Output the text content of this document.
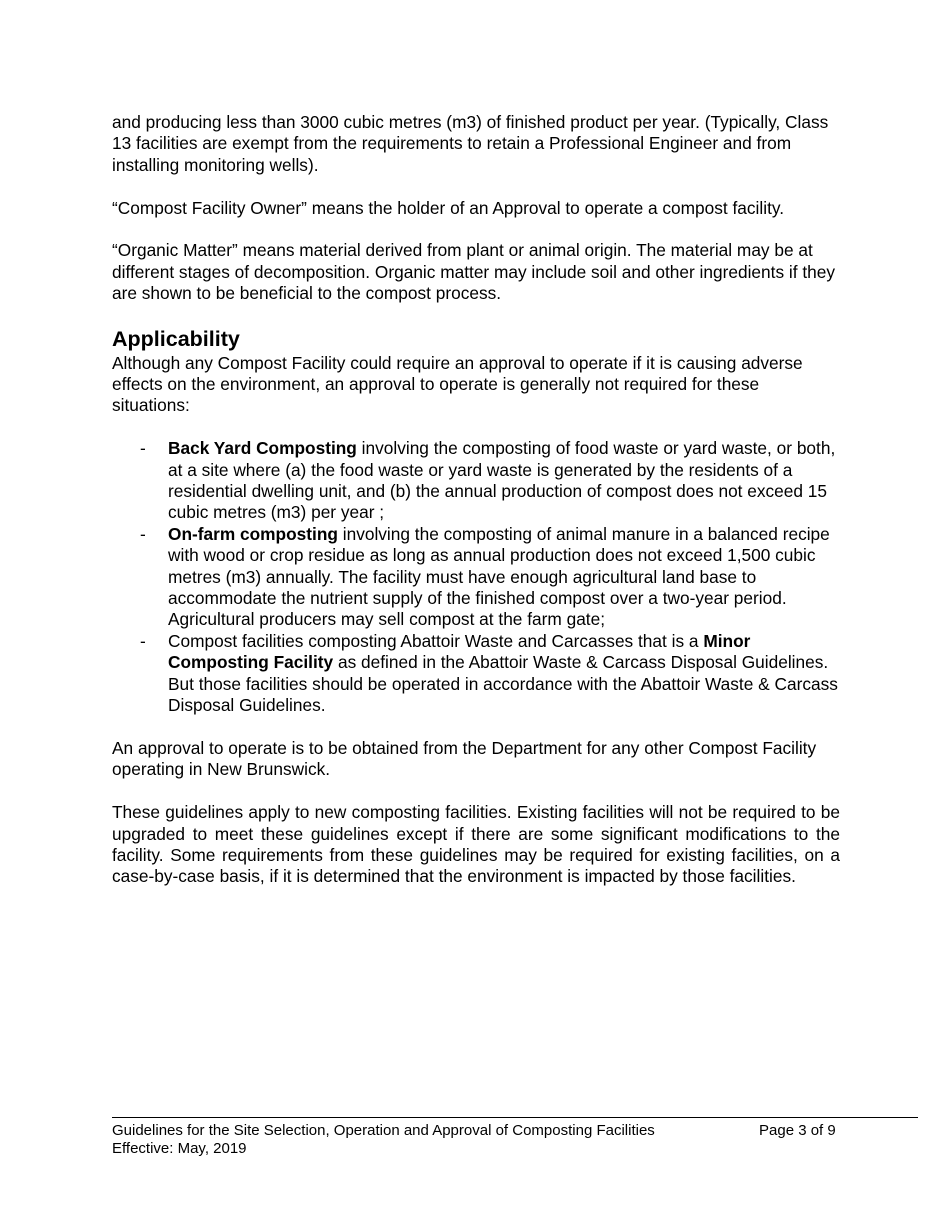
and producing less than 3000 cubic metres (m3) of finished product per year. (Typically, Class 13 facilities are exempt from the requirements to retain a Professional Engineer and from installing monitoring wells).

“Compost Facility Owner” means the holder of an Approval to operate a compost facility.

“Organic Matter” means material derived from plant or animal origin. The material may be at different stages of decomposition. Organic matter may include soil and other ingredients if they are shown to be beneficial to the compost process.

Applicability

Although any Compost Facility could require an approval to operate if it is causing adverse effects on the environment, an approval to operate is generally not required for these situations:

- Back Yard Composting involving the composting of food waste or yard waste, or both, at a site where (a) the food waste or yard waste is generated by the residents of a residential dwelling unit, and (b) the annual production of compost does not exceed 15 cubic metres (m3) per year ;
- On-farm composting involving the composting of animal manure in a balanced recipe with wood or crop residue as long as annual production does not exceed 1,500 cubic metres (m3) annually. The facility must have enough agricultural land base to accommodate the nutrient supply of the finished compost over a two-year period. Agricultural producers may sell compost at the farm gate;
- Compost facilities composting Abattoir Waste and Carcasses that is a Minor Composting Facility as defined in the Abattoir Waste & Carcass Disposal Guidelines. But those facilities should be operated in accordance with the Abattoir Waste & Carcass Disposal Guidelines.

An approval to operate is to be obtained from the Department for any other Compost Facility operating in New Brunswick.

These guidelines apply to new composting facilities. Existing facilities will not be required to be upgraded to meet these guidelines except if there are some significant modifications to the facility. Some requirements from these guidelines may be required for existing facilities, on a case-by-case basis, if it is determined that the environment is impacted by those facilities.

Guidelines for the Site Selection, Operation and Approval of Composting Facilities	Page 3 of 9
Effective: May, 2019
